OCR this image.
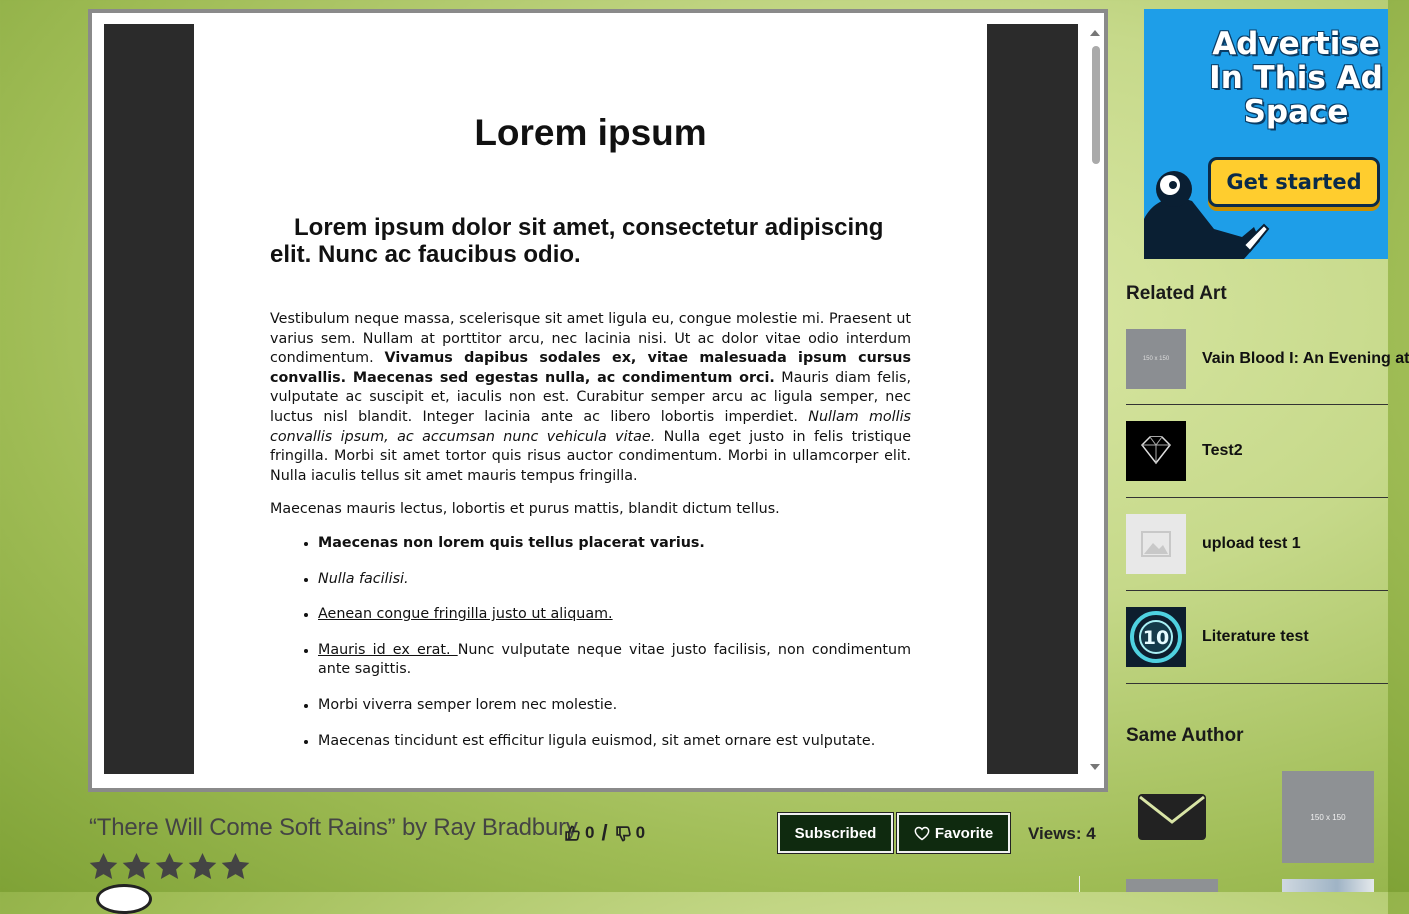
Lorem ipsum
Lorem ipsum dolor sit amet, consectetur adipiscing elit. Nunc ac faucibus odio.

Vestibulum neque massa, scelerisque sit amet ligula eu, congue molestie mi. Praesent ut varius sem. Nullam at porttitor arcu, nec lacinia nisi. Ut ac dolor vitae odio interdum condimentum. Vivamus dapibus sodales ex, vitae malesuada ipsum cursus convallis. Maecenas sed egestas nulla, ac condimentum orci. Mauris diam felis, vulputate ac suscipit et, iaculis non est. Curabitur semper arcu ac ligula semper, nec luctus nisl blandit. Integer lacinia ante ac libero lobortis imperdiet. Nullam mollis convallis ipsum, ac accumsan nunc vehicula vitae. Nulla eget justo in felis tristique fringilla. Morbi sit amet tortor quis risus auctor condimentum. Morbi in ullamcorper elit. Nulla iaculis tellus sit amet mauris tempus fringilla.

Maecenas mauris lectus, lobortis et purus mattis, blandit dictum tellus.

• Maecenas non lorem quis tellus placerat varius.
• Nulla facilisi.
• Aenean congue fringilla justo ut aliquam.
• Mauris id ex erat. Nunc vulputate neque vitae justo facilisis, non condimentum ante sagittis.
• Morbi viverra semper lorem nec molestie.
• Maecenas tincidunt est efficitur ligula euismod, sit amet ornare est vulputate.
“There Will Come Soft Rains” by Ray Bradbury 0 / 0	Subscribed	Favorite Views: 4
Advertise In This Ad Space
Get started
Related Art
150 x 150	Vain Blood I: An Evening at
Test2
upload test 1
10 Literature test
Same Author
150 x 150
